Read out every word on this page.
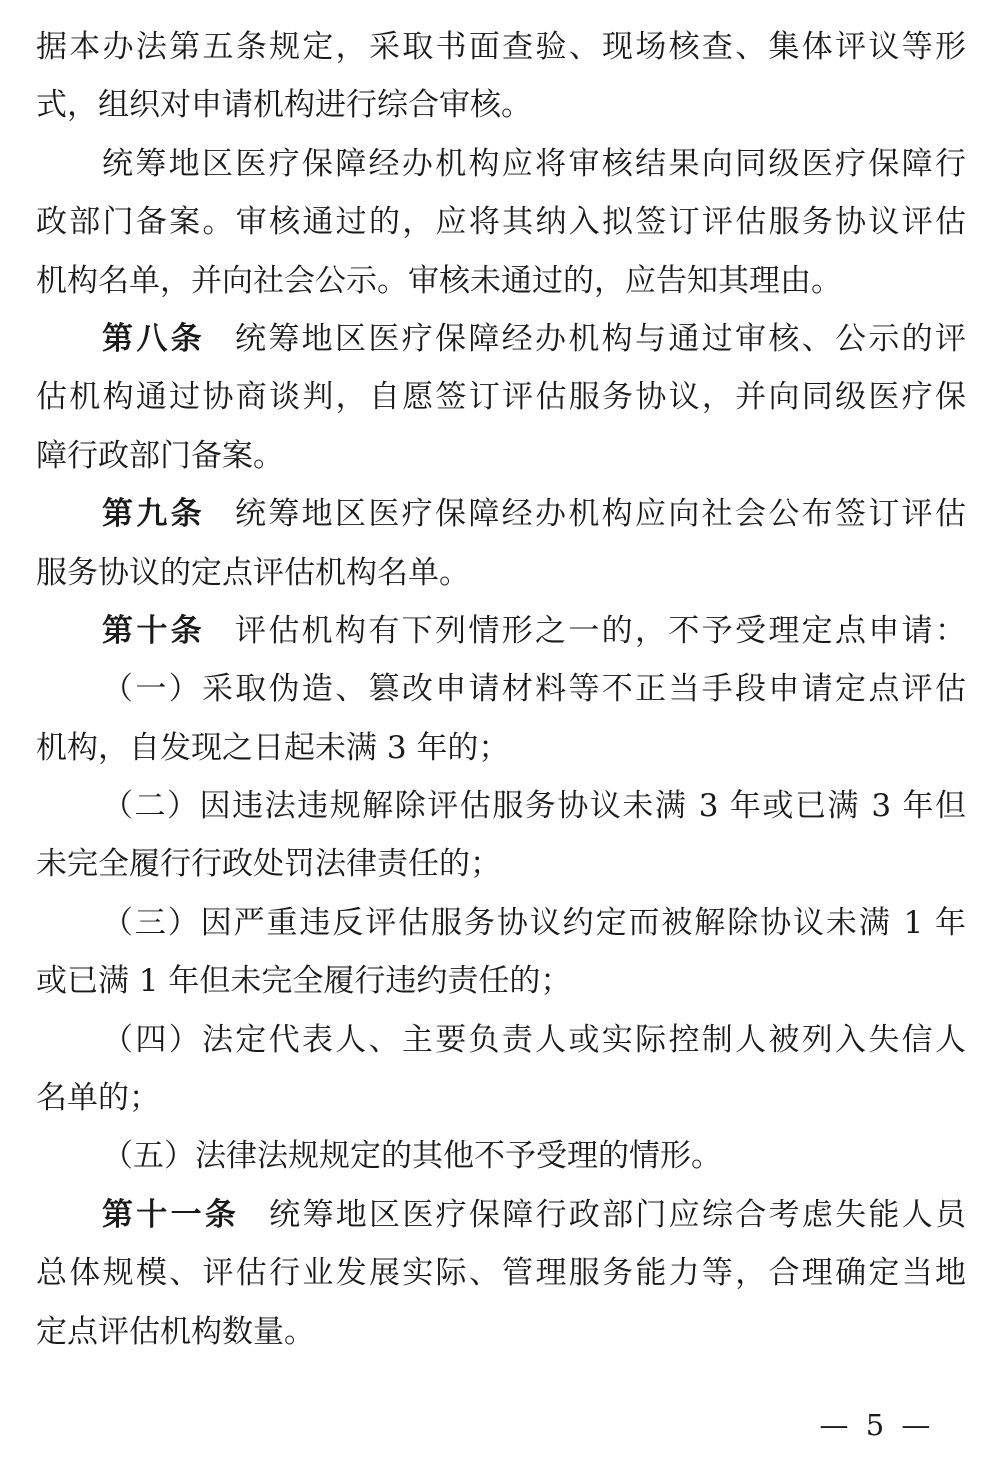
据本办法第五条规定，采取书面查验、现场核查、集体评议等形
式，组织对申请机构进行综合审核。
统筹地区医疗保障经办机构应将审核结果向同级医疗保障行
政部门备案。审核通过的，应将其纳入拟签订评估服务协议评估
机构名单，并向社会公示。审核未通过的，应告知其理由。
第八条 统筹地区医疗保障经办机构与通过审核、公示的评
估机构通过协商谈判，自愿签订评估服务协议，并向同级医疗保
障行政部门备案。
第九条 统筹地区医疗保障经办机构应向社会公布签订评估
服务协议的定点评估机构名单。
第十条 评估机构有下列情形之一的，不予受理定点申请：
（一）采取伪造、篡改申请材料等不正当手段申请定点评估
机构，自发现之日起未满 3 年的；
（二）因违法违规解除评估服务协议未满 3 年或已满 3 年但
未完全履行行政处罚法律责任的；
（三）因严重违反评估服务协议约定而被解除协议未满 1 年
或已满 1 年但未完全履行违约责任的；
（四）法定代表人、主要负责人或实际控制人被列入失信人
名单的；
（五）法律法规规定的其他不予受理的情形。
第十一条 统筹地区医疗保障行政部门应综合考虑失能人员
总体规模、评估行业发展实际、管理服务能力等，合理确定当地
定点评估机构数量。
— 5 —
